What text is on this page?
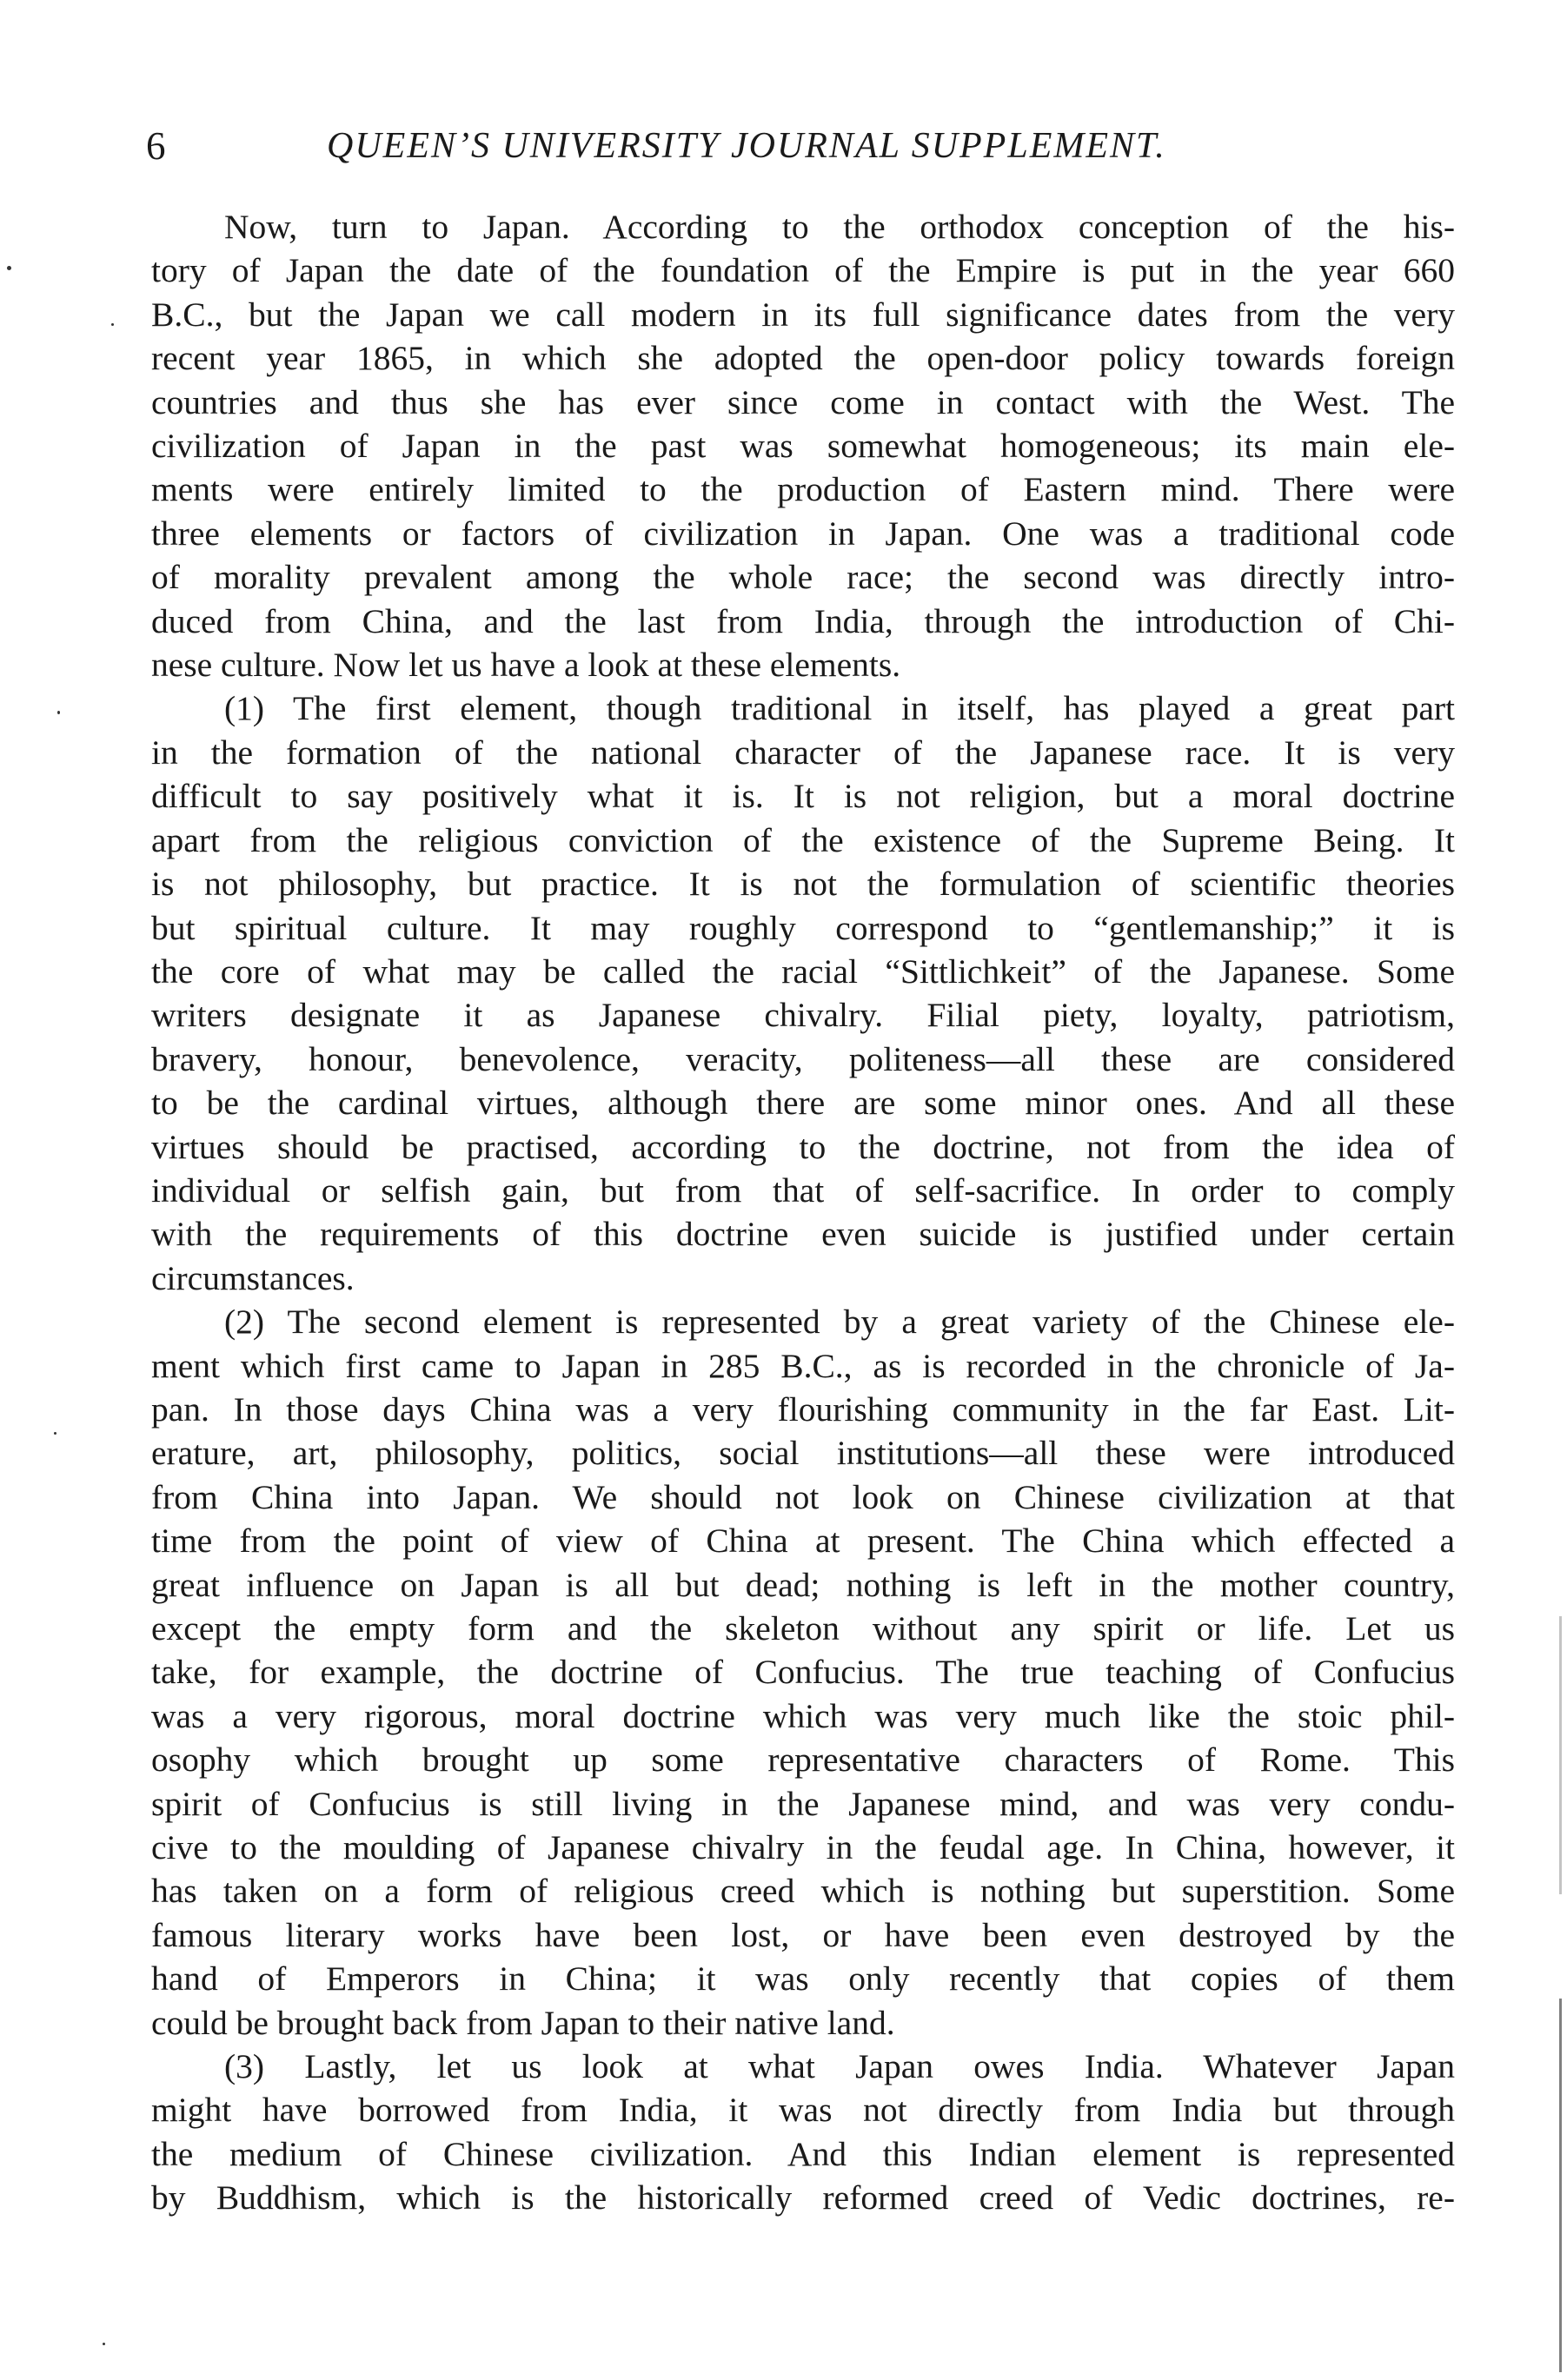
6	QUEEN’S UNIVERSITY JOURNAL SUPPLEMENT.
Now, turn to Japan. According to the orthodox conception of the his-
tory of Japan the date of the foundation of the Empire is put in the year 660
B.C., but the Japan we call modern in its full significance dates from the very
recent year 1865, in which she adopted the open-door policy towards foreign
countries and thus she has ever since come in contact with the West. The
civilization of Japan in the past was somewhat homogeneous; its main ele-
ments were entirely limited to the production of Eastern mind. There were
three elements or factors of civilization in Japan. One was a traditional code
of morality prevalent among the whole race; the second was directly intro-
duced from China, and the last from India, through the introduction of Chi-
nese culture. Now let us have a look at these elements.
(1) The first element, though traditional in itself, has played a great part
in the formation of the national character of the Japanese race. It is very
difficult to say positively what it is. It is not religion, but a moral doctrine
apart from the religious conviction of the existence of the Supreme Being. It
is not philosophy, but practice. It is not the formulation of scientific theories
but spiritual culture. It may roughly correspond to “gentlemanship;” it is
the core of what may be called the racial “Sittlichkeit” of the Japanese. Some
writers designate it as Japanese chivalry. Filial piety, loyalty, patriotism,
bravery, honour, benevolence, veracity, politeness—all these are considered
to be the cardinal virtues, although there are some minor ones. And all these
virtues should be practised, according to the doctrine, not from the idea of
individual or selfish gain, but from that of self-sacrifice. In order to comply
with the requirements of this doctrine even suicide is justified under certain
circumstances.
(2) The second element is represented by a great variety of the Chinese ele-
ment which first came to Japan in 285 B.C., as is recorded in the chronicle of Ja-
pan. In those days China was a very flourishing community in the far East. Lit-
erature, art, philosophy, politics, social institutions—all these were introduced
from China into Japan. We should not look on Chinese civilization at that
time from the point of view of China at present. The China which effected a
great influence on Japan is all but dead; nothing is left in the mother country,
except the empty form and the skeleton without any spirit or life. Let us
take, for example, the doctrine of Confucius. The true teaching of Confucius
was a very rigorous, moral doctrine which was very much like the stoic phil-
osophy which brought up some representative characters of Rome. This
spirit of Confucius is still living in the Japanese mind, and was very condu-
cive to the moulding of Japanese chivalry in the feudal age. In China, however, it
has taken on a form of religious creed which is nothing but superstition. Some
famous literary works have been lost, or have been even destroyed by the
hand of Emperors in China; it was only recently that copies of them
could be brought back from Japan to their native land.
(3) Lastly, let us look at what Japan owes India. Whatever Japan
might have borrowed from India, it was not directly from India but through
the medium of Chinese civilization. And this Indian element is represented
by Buddhism, which is the historically reformed creed of Vedic doctrines, re-
